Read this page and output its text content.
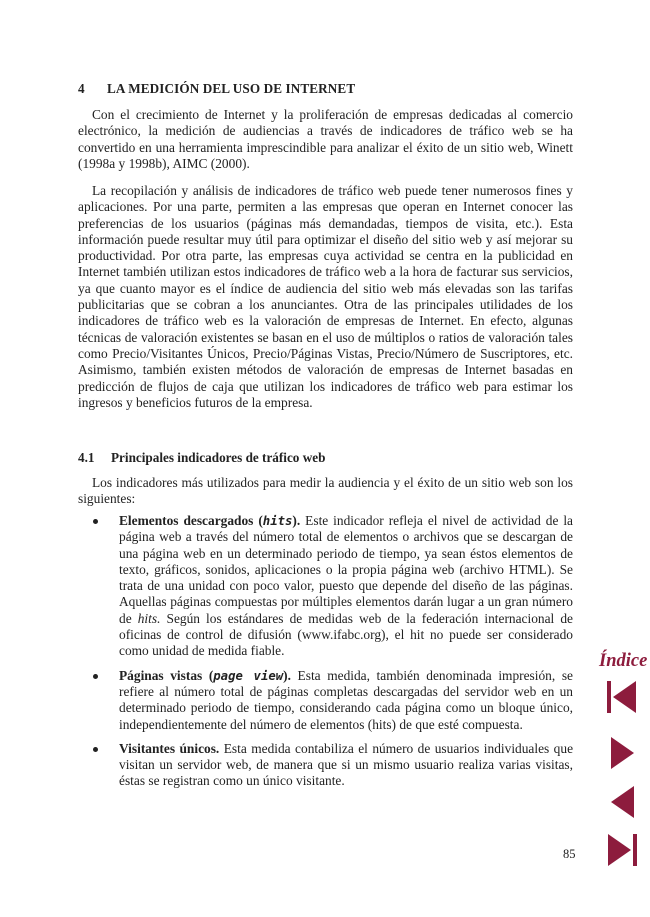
4 LA MEDICIÓN DEL USO DE INTERNET

Con el crecimiento de Internet y la proliferación de empresas dedicadas al comercio electrónico, la medición de audiencias a través de indicadores de tráfico web se ha convertido en una herramienta imprescindible para analizar el éxito de un sitio web, Winett (1998a y 1998b), AIMC (2000).

La recopilación y análisis de indicadores de tráfico web puede tener numerosos fines y aplicaciones. Por una parte, permiten a las empresas que operan en Internet conocer las preferencias de los usuarios (páginas más demandadas, tiempos de visita, etc.). Esta información puede resultar muy útil para optimizar el diseño del sitio web y así mejorar su productividad. Por otra parte, las empresas cuya actividad se centra en la publicidad en Internet también utilizan estos indicadores de tráfico web a la hora de facturar sus servicios, ya que cuanto mayor es el índice de audiencia del sitio web más elevadas son las tarifas publicitarias que se cobran a los anunciantes. Otra de las principales utilidades de los indicadores de tráfico web es la valoración de empresas de Internet. En efecto, algunas técnicas de valoración existentes se basan en el uso de múltiplos o ratios de valoración tales como Precio/Visitantes Únicos, Precio/Páginas Vistas, Precio/Número de Suscriptores, etc. Asimismo, también existen métodos de valoración de empresas de Internet basadas en predicción de flujos de caja que utilizan los indicadores de tráfico web para estimar los ingresos y beneficios futuros de la empresa.

4.1 Principales indicadores de tráfico web

Los indicadores más utilizados para medir la audiencia y el éxito de un sitio web son los siguientes:

Elementos descargados (hits). Este indicador refleja el nivel de actividad de la página web a través del número total de elementos o archivos que se descargan de una página web en un determinado periodo de tiempo, ya sean éstos elementos de texto, gráficos, sonidos, aplicaciones o la propia página web (archivo HTML). Se trata de una unidad con poco valor, puesto que depende del diseño de las páginas. Aquellas páginas compuestas por múltiples elementos darán lugar a un gran número de hits. Según los estándares de medidas web de la federación internacional de oficinas de control de difusión (www.ifabc.org), el hit no puede ser considerado como unidad de medida fiable.

Páginas vistas (page view). Esta medida, también denominada impresión, se refiere al número total de páginas completas descargadas del servidor web en un determinado periodo de tiempo, considerando cada página como un bloque único, independientemente del número de elementos (hits) de que esté compuesta.

Visitantes únicos. Esta medida contabiliza el número de usuarios individuales que visitan un servidor web, de manera que si un mismo usuario realiza varias visitas, éstas se registran como un único visitante.

85
Índice
